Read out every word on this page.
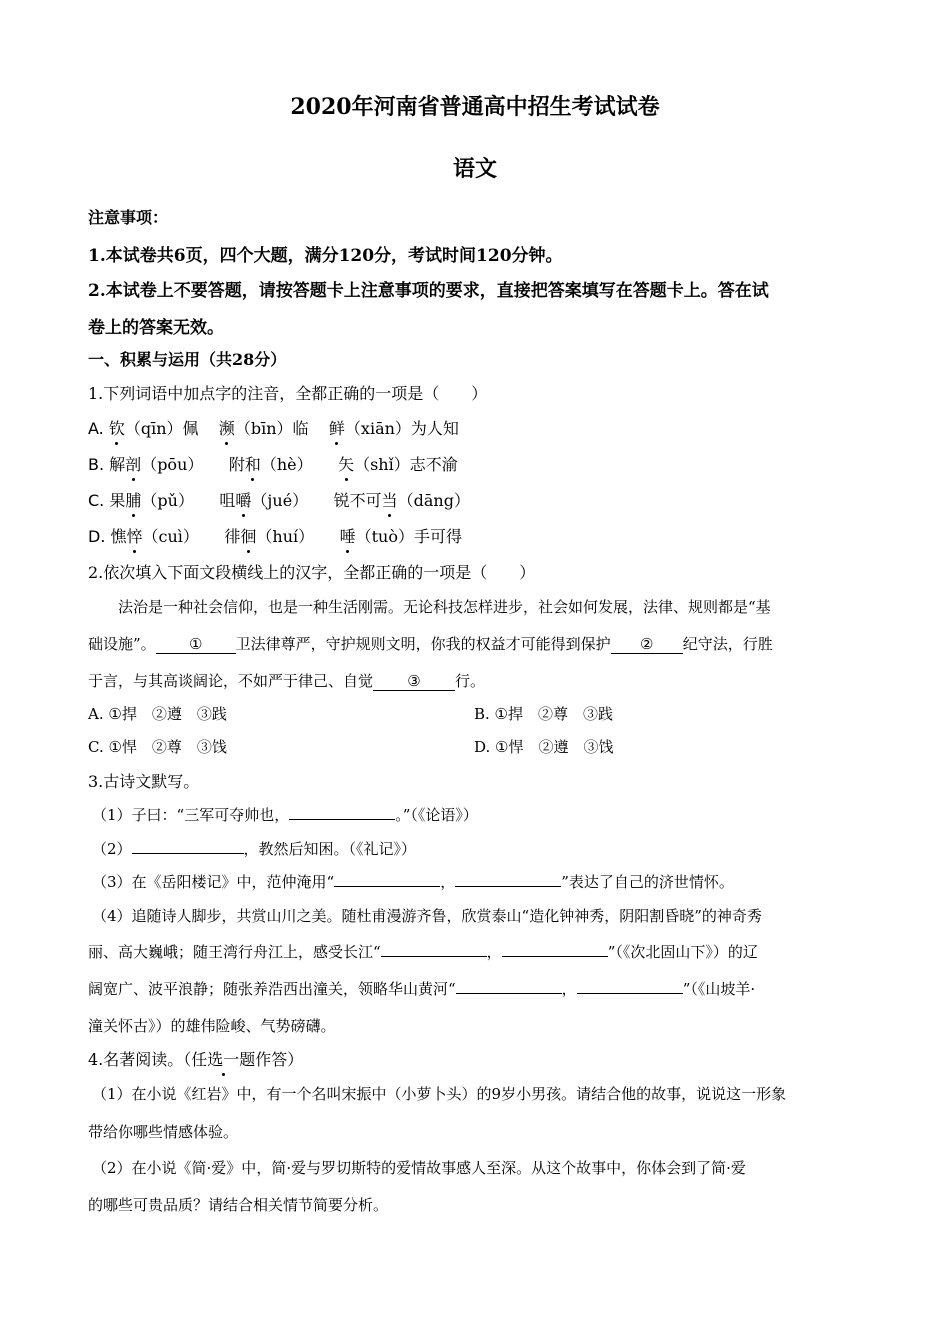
2020年河南省普通高中招生考试试卷
语文
注意事项：
1.本试卷共6页，四个大题，满分120分，考试时间120分钟。
2.本试卷上不要答题，请按答题卡上注意事项的要求，直接把答案填写在答题卡上。答在试
卷上的答案无效。
一、积累与运用（共28分）
1.下列词语中加点字的注音，全都正确的一项是（　　）
A. 钦（qīn）佩 濒（bīn）临 鲜（xiān）为人知
B. 解剖（pōu） 附和（hè） 矢（shǐ）志不渝
C. 果脯（pǔ） 咀嚼（jué） 锐不可当（dāng）
D. 憔悴（cuì） 徘徊（huí） 唾（tuò）手可得
2.依次填入下面文段横线上的汉字，全都正确的一项是（　　）
法治是一种社会信仰，也是一种生活刚需。无论科技怎样进步，社会如何发展，法律、规则都是“基
础设施”。 ① 卫法律尊严，守护规则文明，你我的权益才可能得到保护 ② 纪守法，行胜
于言，与其高谈阔论，不如严于律己、自觉 ③ 行。
A. ①捍　②遵　③践	B. ①捍　②尊　③践
C. ①悍　②尊　③饯	D. ①悍　②遵　③饯
3.古诗文默写。
（1）子曰：“三军可夺帅也，	。”（《论语》）
（2）	，教然后知困。（《礼记》）
（3）在《岳阳楼记》中，范仲淹用“	，	”表达了自己的济世情怀。
（4）追随诗人脚步，共赏山川之美。随杜甫漫游齐鲁，欣赏泰山“造化钟神秀，阴阳割昏晓”的神奇秀
丽、高大巍峨；随王湾行舟江上，感受长江“	，	”（《次北固山下》）的辽
阔宽广、波平浪静；随张养浩西出潼关，领略华山黄河“	，	”（《山坡羊·
潼关怀古》）的雄伟险峻、气势磅礴。
4.名著阅读。（任选一题作答）
（1）在小说《红岩》中，有一个名叫宋振中（小萝卜头）的9岁小男孩。请结合他的故事，说说这一形象
带给你哪些情感体验。
（2）在小说《简·爱》中，简·爱与罗切斯特的爱情故事感人至深。从这个故事中，你体会到了简·爱
的哪些可贵品质？请结合相关情节简要分析。
